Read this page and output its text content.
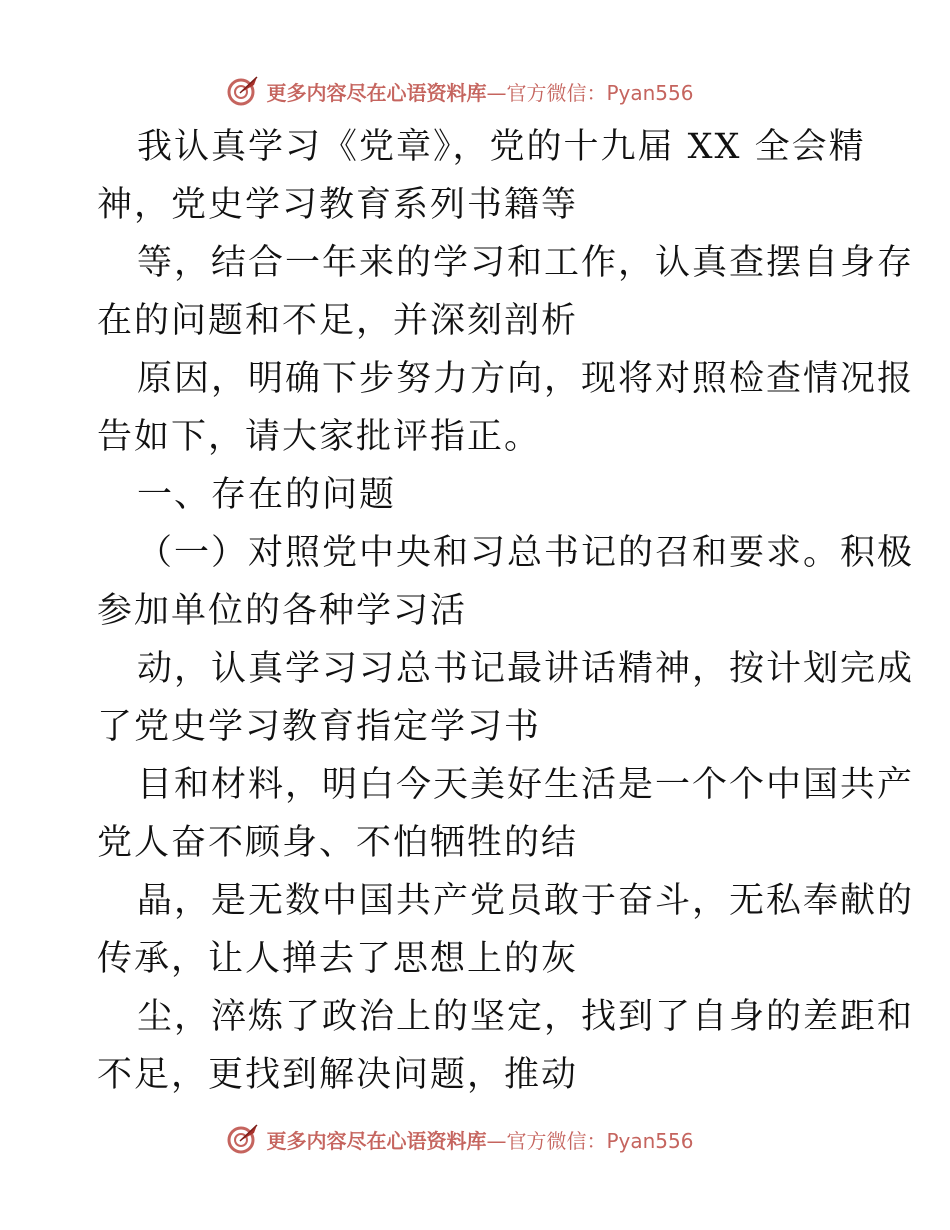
更多内容尽在心语资料库—官方微信：Pyan556
我认真学习《党章》，党的十九届 XX 全会精
神，党史学习教育系列书籍等
等，结合一年来的学习和工作，认真查摆自身存
在的问题和不足，并深刻剖析
原因，明确下步努力方向，现将对照检查情况报
告如下，请大家批评指正。
一、存在的问题
（一）对照党中央和习总书记的召和要求。积极
参加单位的各种学习活
动，认真学习习总书记最讲话精神，按计划完成
了党史学习教育指定学习书
目和材料，明白今天美好生活是一个个中国共产
党人奋不顾身、不怕牺牲的结
晶，是无数中国共产党员敢于奋斗，无私奉献的
传承，让人掸去了思想上的灰
尘，淬炼了政治上的坚定，找到了自身的差距和
不足，更找到解决问题，推动
更多内容尽在心语资料库—官方微信：Pyan556
